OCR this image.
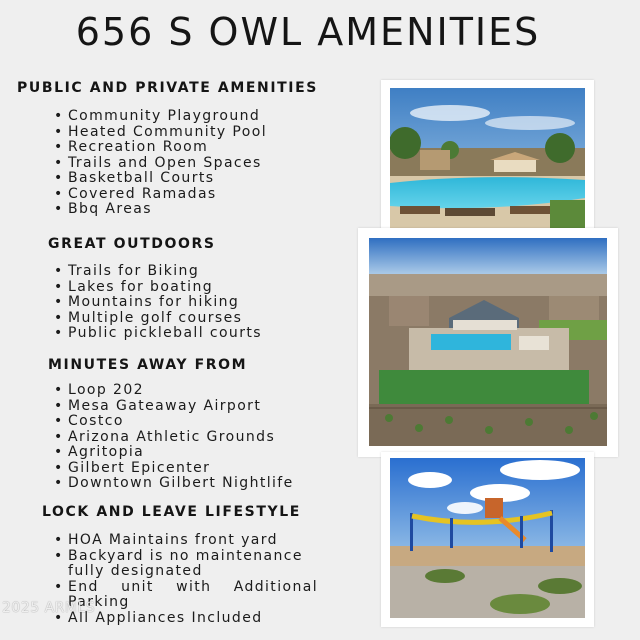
656 S OWL AMENITIES
PUBLIC AND PRIVATE AMENITIES
• Community Playground
• Heated Community Pool
• Recreation Room
• Trails and Open Spaces
• Basketball Courts
• Covered Ramadas
• Bbq Areas
GREAT OUTDOORS
• Trails for Biking
• Lakes for boating
• Mountains for hiking
• Multiple golf courses
• Public pickleball courts
MINUTES AWAY FROM
• Loop 202
• Mesa Gateaway Airport
• Costco
• Arizona Athletic Grounds
• Agritopia
• Gilbert Epicenter
• Downtown Gilbert Nightlife
LOCK AND LEAVE LIFESTYLE
• HOA Maintains front yard
• Backyard is no maintenance fully designated
• End unit with Additional Parking
• All Appliances Included
2025 ARMLS
